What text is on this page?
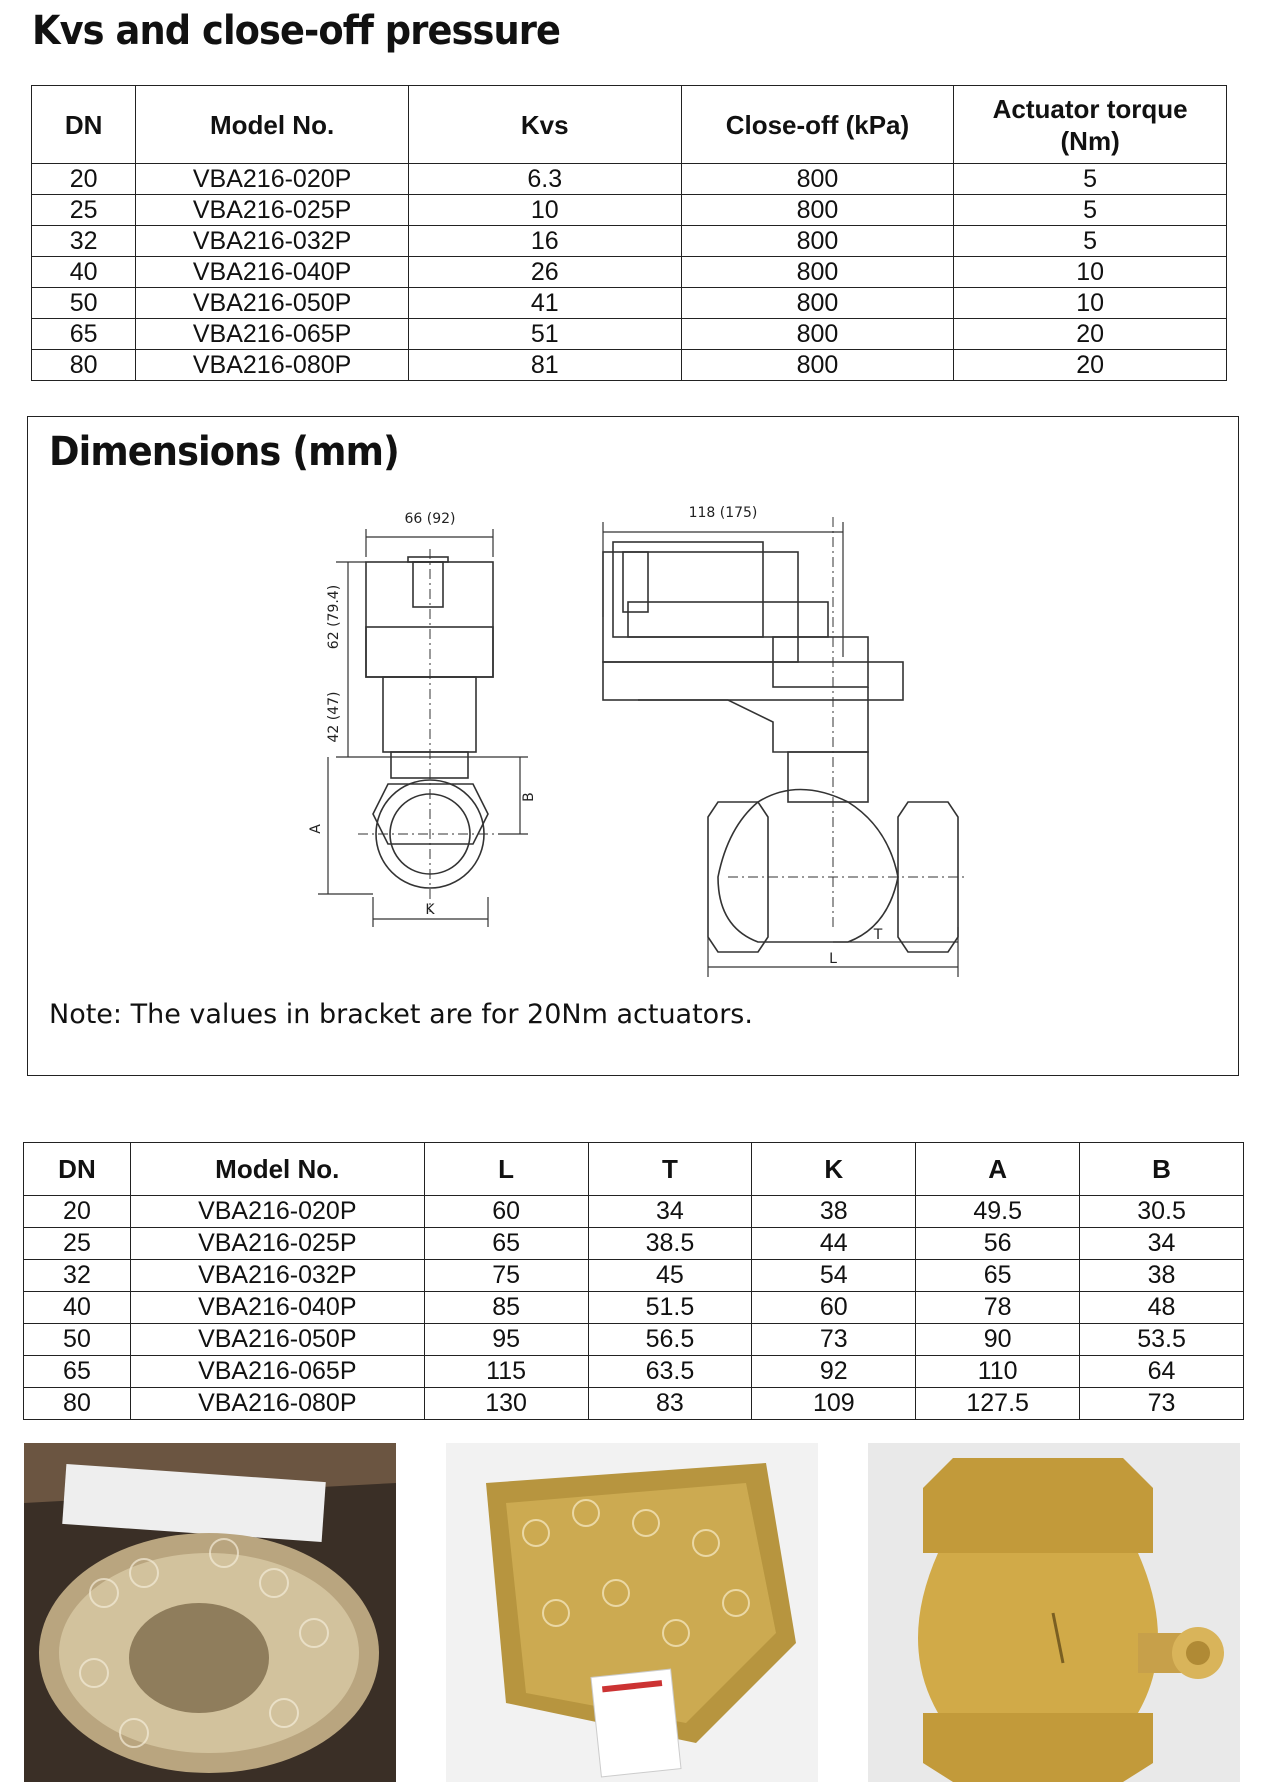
Kvs and close-off pressure
DN	Model No.	Kvs	Close-off (kPa)	Actuator torque (Nm)
20	VBA216-020P	6.3	800	5
25	VBA216-025P	10	800	5
32	VBA216-032P	16	800	5
40	VBA216-040P	26	800	10
50	VBA216-050P	41	800	10
65	VBA216-065P	51	800	20
80	VBA216-080P	81	800	20
Dimensions (mm)
66 (92)	118 (175)
62 (79.4)
42 (47)
A
B
K
T
L
Note: The values in bracket are for 20Nm actuators.
DN	Model No.	L	T	K	A	B
20	VBA216-020P	60	34	38	49.5	30.5
25	VBA216-025P	65	38.5	44	56	34
32	VBA216-032P	75	45	54	65	38
40	VBA216-040P	85	51.5	60	78	48
50	VBA216-050P	95	56.5	73	90	53.5
65	VBA216-065P	115	63.5	92	110	64
80	VBA216-080P	130	83	109	127.5	73
